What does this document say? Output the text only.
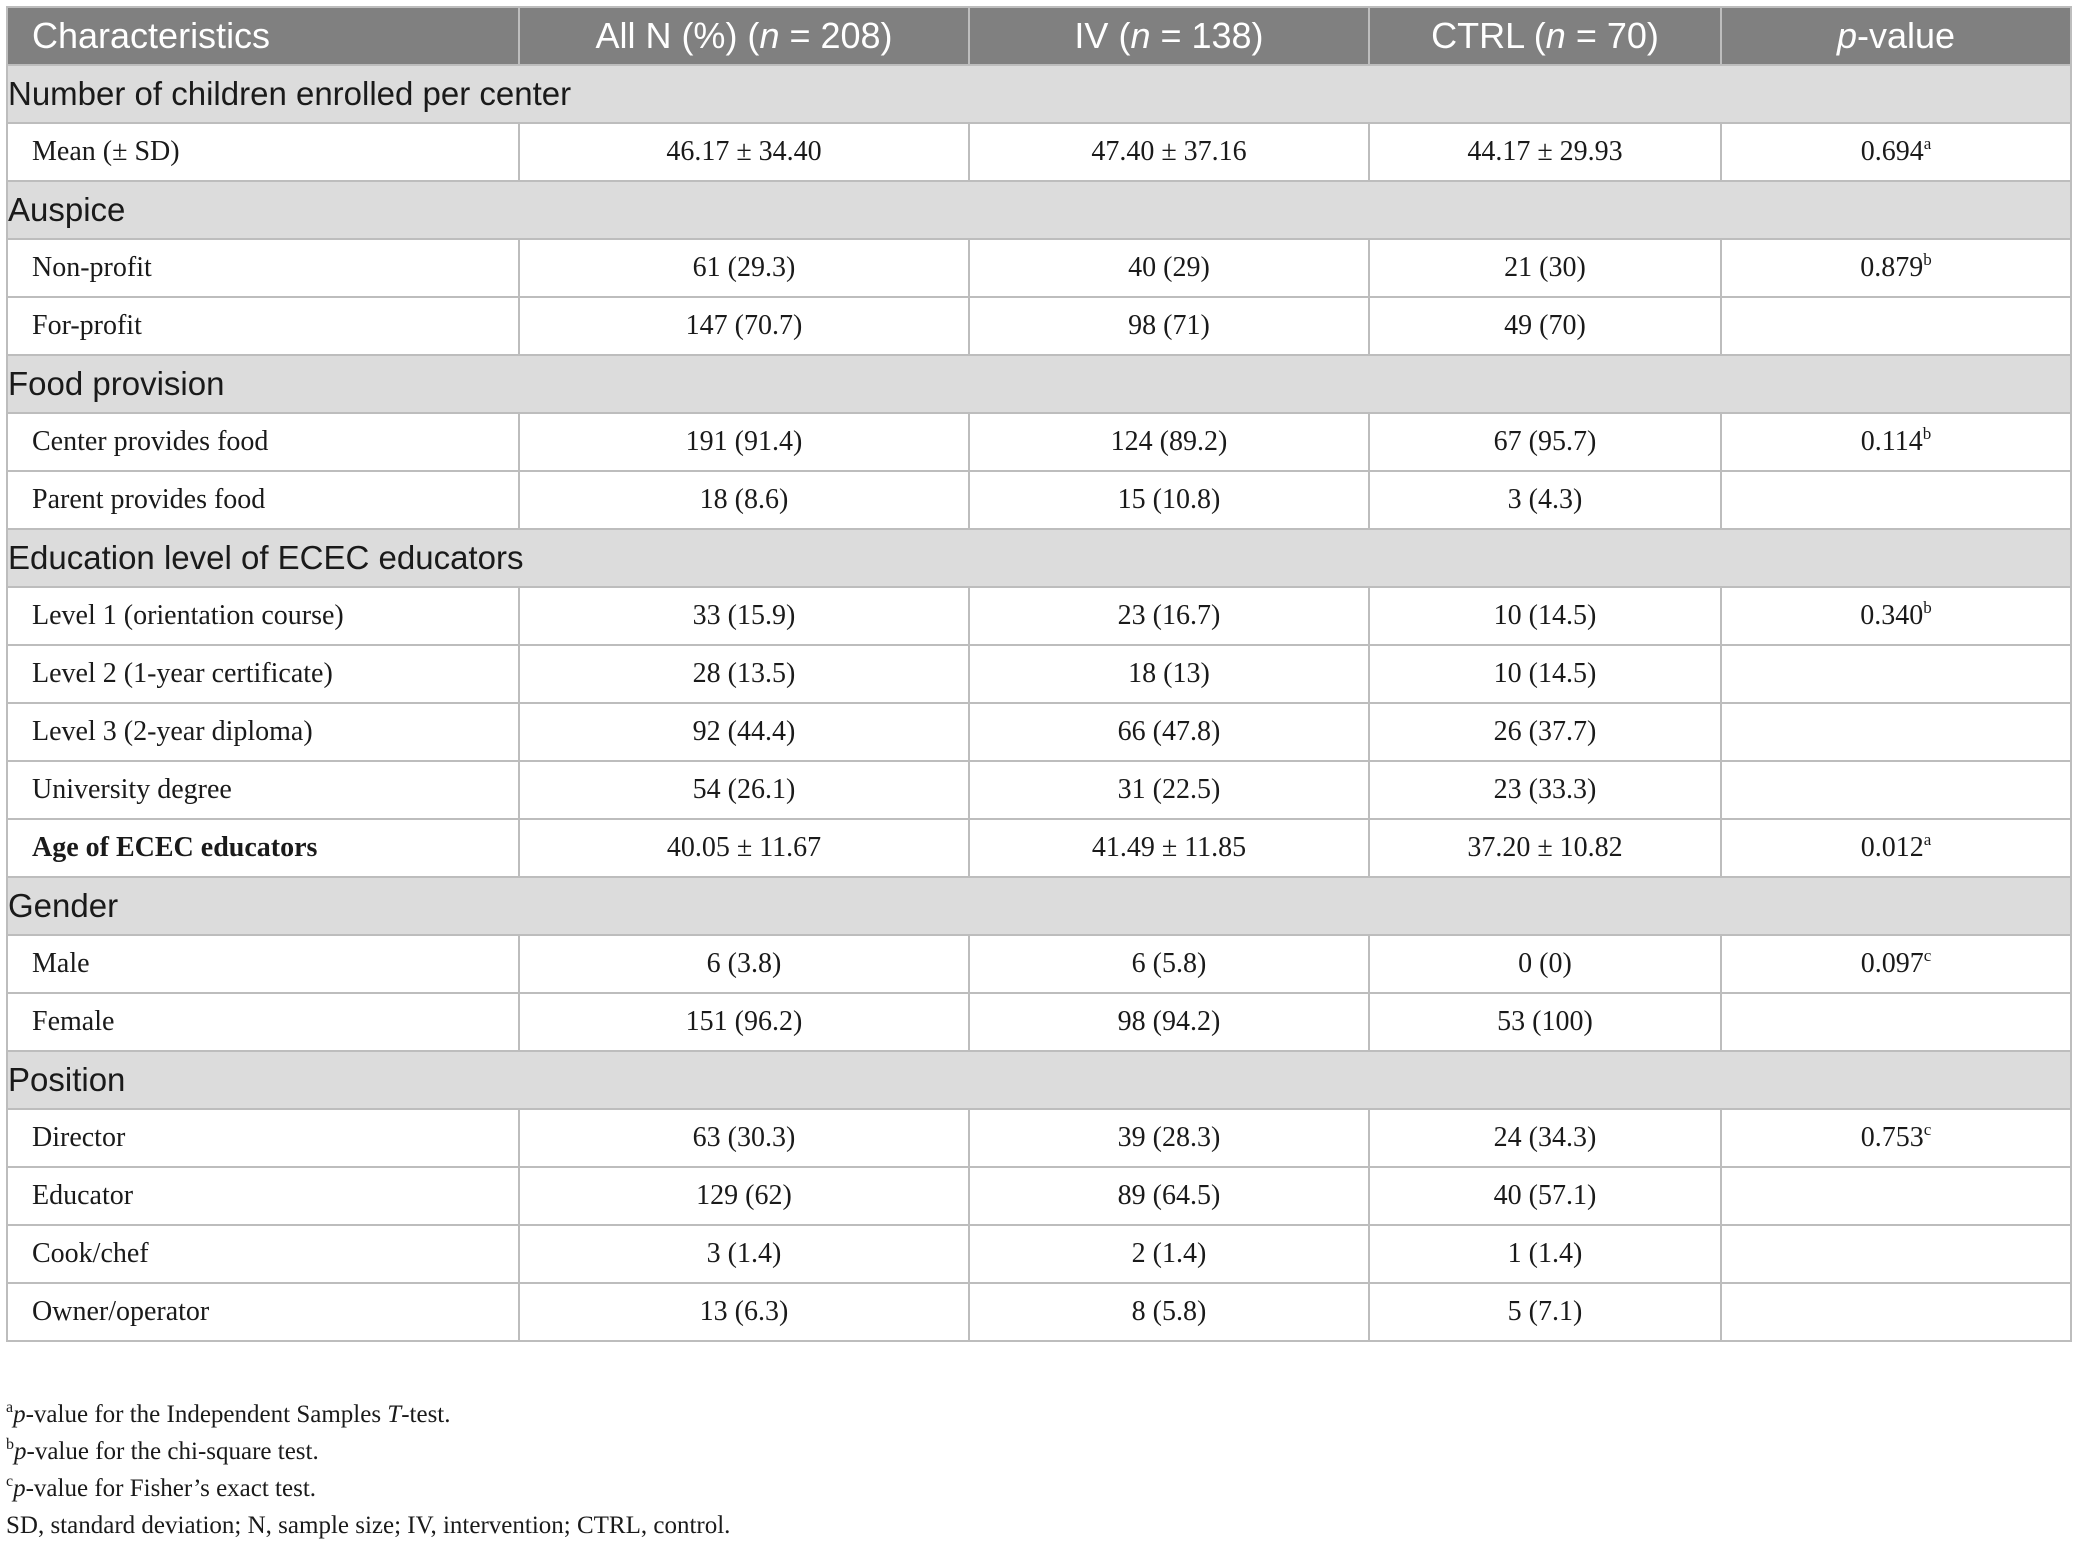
Characteristics	All N (%) (n = 208)	IV (n = 138)	CTRL (n = 70)	p-value
Number of children enrolled per center				
Mean (± SD)	46.17 ± 34.40	47.40 ± 37.16	44.17 ± 29.93	0.694$^a$
Auspice				
Non-profit	61 (29.3)	40 (29)	21 (30)	0.879$^b$
For-profit	147 (70.7)	98 (71)	49 (70)	
Food provision				
Center provides food	191 (91.4)	124 (89.2)	67 (95.7)	0.114$^b$
Parent provides food	18 (8.6)	15 (10.8)	3 (4.3)	
Education level of ECEC educators				
Level 1 (orientation course)	33 (15.9)	23 (16.7)	10 (14.5)	0.340$^b$
Level 2 (1-year certificate)	28 (13.5)	18 (13)	10 (14.5)	
Level 3 (2-year diploma)	92 (44.4)	66 (47.8)	26 (37.7)	
University degree	54 (26.1)	31 (22.5)	23 (33.3)	
Age of ECEC educators	40.05 ± 11.67	41.49 ± 11.85	37.20 ± 10.82	0.012$^a$
Gender				
Male	6 (3.8)	6 (5.8)	0 (0)	0.097$^c$
Female	151 (96.2)	98 (94.2)	53 (100)	
Position				
Director	63 (30.3)	39 (28.3)	24 (34.3)	0.753$^c$
Educator	129 (62)	89 (64.5)	40 (57.1)	
Cook/chef	3 (1.4)	2 (1.4)	1 (1.4)	
Owner/operator	13 (6.3)	8 (5.8)	5 (7.1)	
$^a$p-value for the Independent Samples T-test.
$^b$p-value for the chi-square test.
$^c$p-value for Fisher’s exact test.
SD, standard deviation; N, sample size; IV, intervention; CTRL, control.
